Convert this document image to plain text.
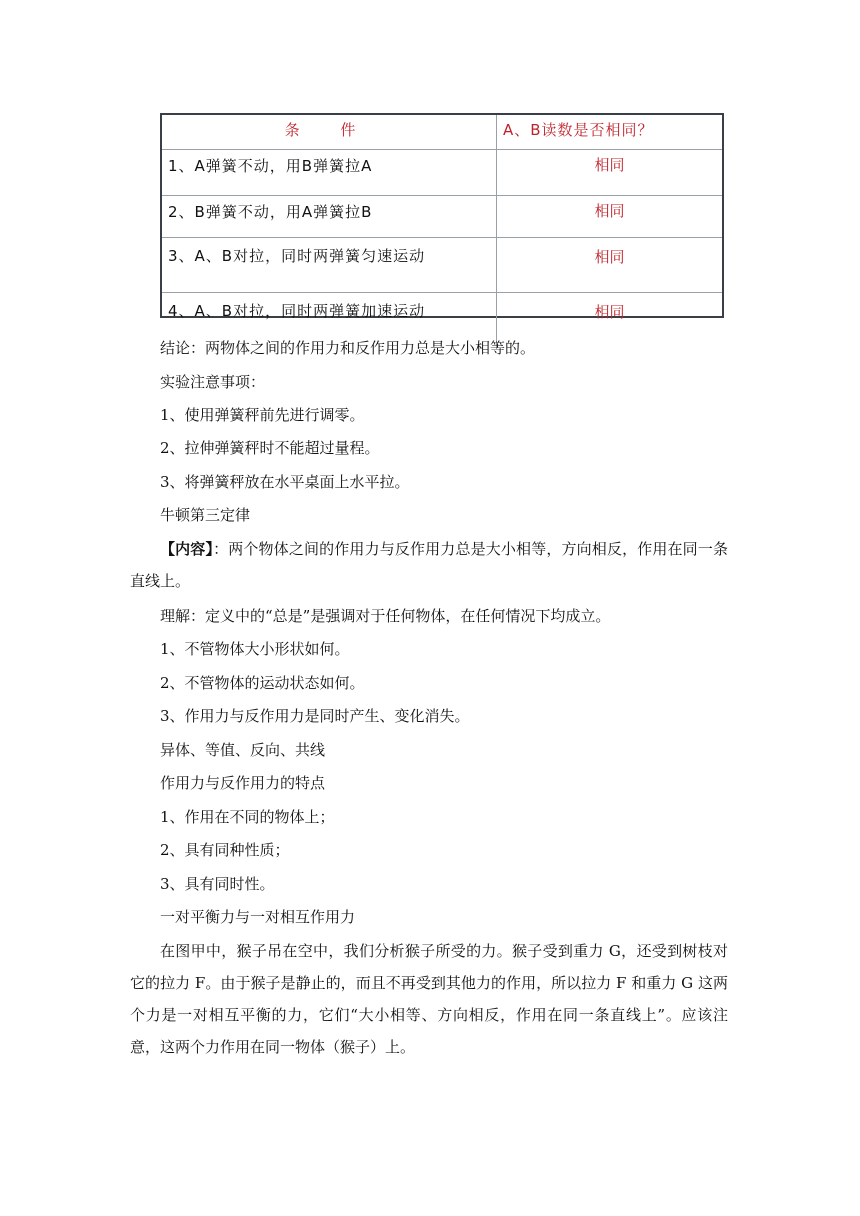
条 件	A、B读数是否相同？
1、A弹簧不动，用B弹簧拉A	相同
2、B弹簧不动，用A弹簧拉B	相同
3、A、B对拉，同时两弹簧匀速运动	相同
4、A、B对拉，同时两弹簧加速运动	相同

结论：两物体之间的作用力和反作用力总是大小相等的。

实验注意事项：

1、使用弹簧秤前先进行调零。

2、拉伸弹簧秤时不能超过量程。

3、将弹簧秤放在水平桌面上水平拉。

牛顿第三定律

【内容】：两个物体之间的作用力与反作用力总是大小相等，方向相反，作用在同一条直线上。

理解：定义中的“总是”是强调对于任何物体，在任何情况下均成立。

1、不管物体大小形状如何。

2、不管物体的运动状态如何。

3、作用力与反作用力是同时产生、变化消失。

异体、等值、反向、共线

作用力与反作用力的特点

1、作用在不同的物体上；

2、具有同种性质；

3、具有同时性。

一对平衡力与一对相互作用力

在图甲中，猴子吊在空中，我们分析猴子所受的力。猴子受到重力 G，还受到树枝对它的拉力 F。由于猴子是静止的，而且不再受到其他力的作用，所以拉力 F 和重力 G 这两个力是一对相互平衡的力，它们“大小相等、方向相反，作用在同一条直线上”。应该注意，这两个力作用在同一物体（猴子）上。
